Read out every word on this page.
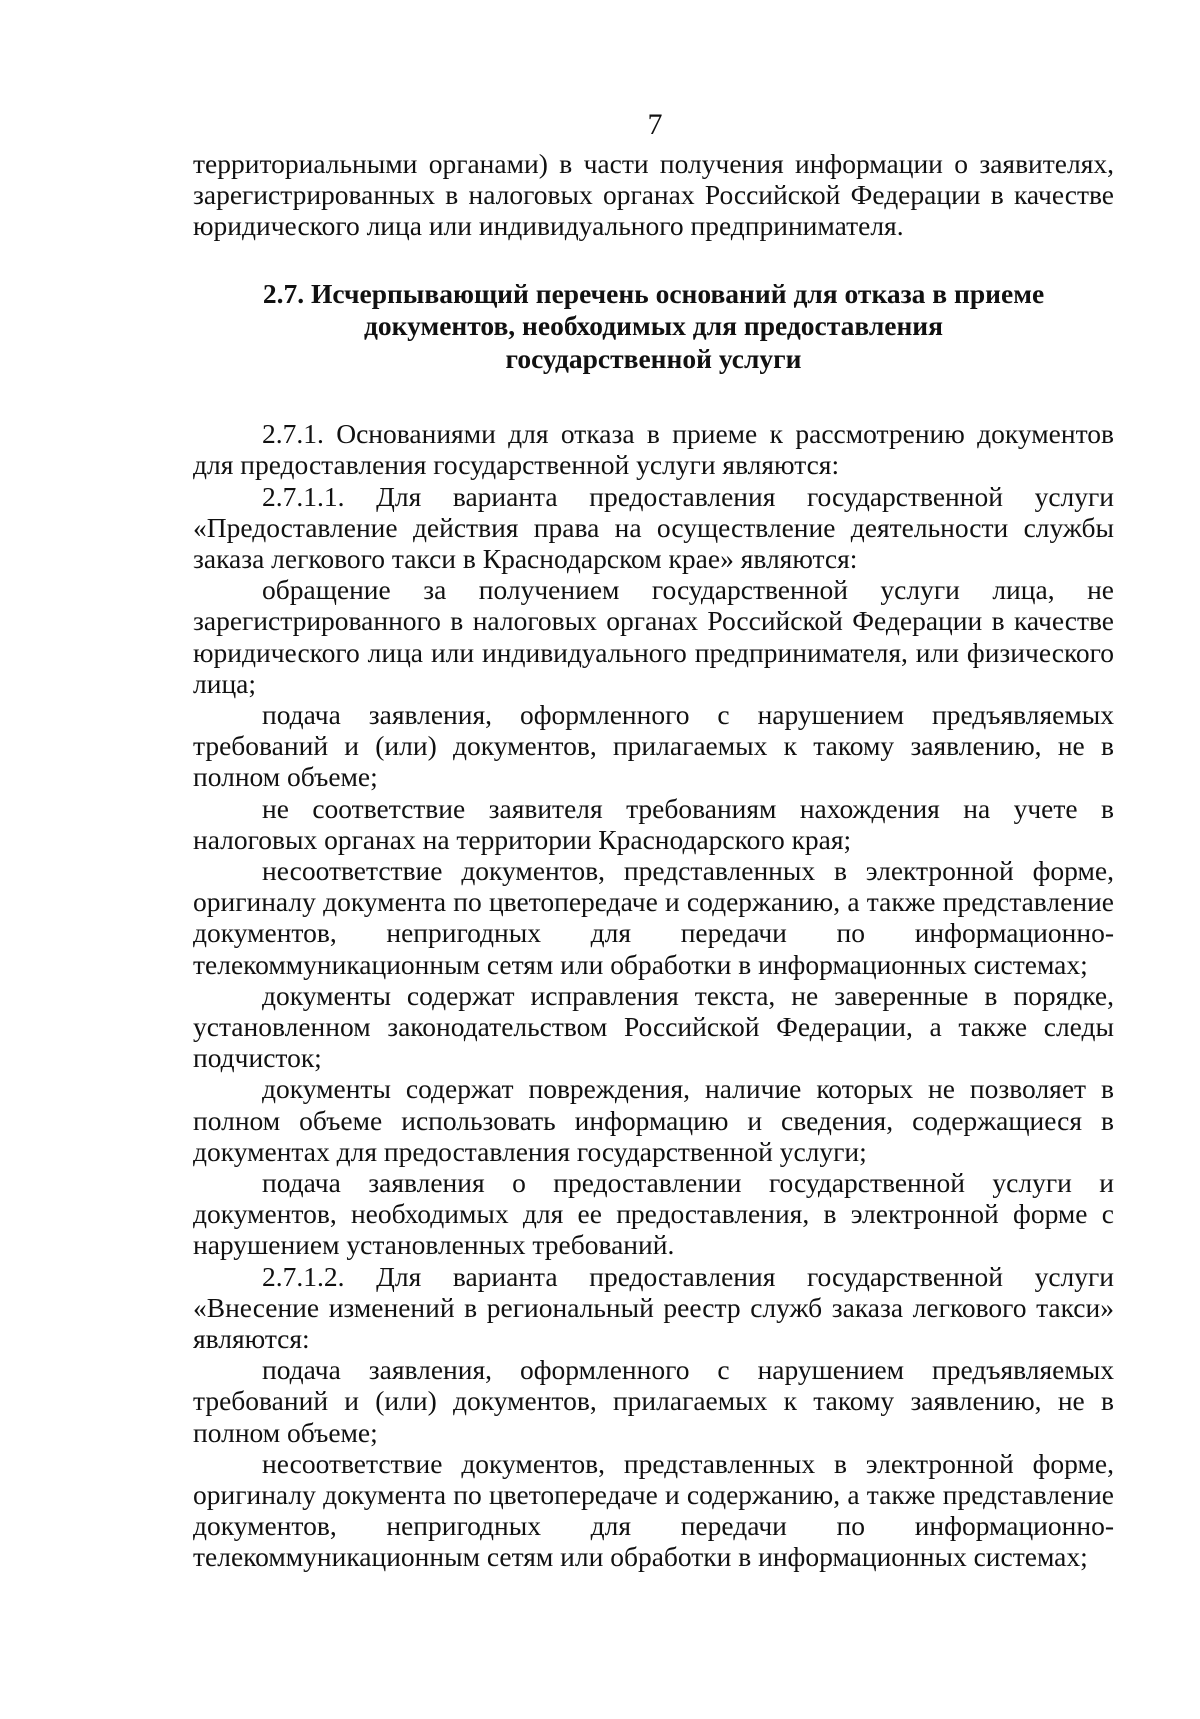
7

территориальными органами) в части получения информации о заявителях, зарегистрированных в налоговых органах Российской Федерации в качестве юридического лица или индивидуального предпринимателя.

2.7. Исчерпывающий перечень оснований для отказа в приеме
документов, необходимых для предоставления
государственной услуги

2.7.1. Основаниями для отказа в приеме к рассмотрению документов для предоставления государственной услуги являются:

2.7.1.1. Для варианта предоставления государственной услуги «Предоставление действия права на осуществление деятельности службы заказа легкового такси в Краснодарском крае» являются:

обращение за получением государственной услуги лица, не зарегистрированного в налоговых органах Российской Федерации в качестве юридического лица или индивидуального предпринимателя, или физического лица;

подача заявления, оформленного с нарушением предъявляемых требований и (или) документов, прилагаемых к такому заявлению, не в полном объеме;

не соответствие заявителя требованиям нахождения на учете в налоговых органах на территории Краснодарского края;

несоответствие документов, представленных в электронной форме, оригиналу документа по цветопередаче и содержанию, а также представление документов, непригодных для передачи по информационно-телекоммуникационным сетям или обработки в информационных системах;

документы содержат исправления текста, не заверенные в порядке, установленном законодательством Российской Федерации, а также следы подчисток;

документы содержат повреждения, наличие которых не позволяет в полном объеме использовать информацию и сведения, содержащиеся в документах для предоставления государственной услуги;

подача заявления о предоставлении государственной услуги и документов, необходимых для ее предоставления, в электронной форме с нарушением установленных требований.

2.7.1.2. Для варианта предоставления государственной услуги «Внесение изменений в региональный реестр служб заказа легкового такси» являются:

подача заявления, оформленного с нарушением предъявляемых требований и (или) документов, прилагаемых к такому заявлению, не в полном объеме;

несоответствие документов, представленных в электронной форме, оригиналу документа по цветопередаче и содержанию, а также представление документов, непригодных для передачи по информационно-телекоммуникационным сетям или обработки в информационных системах;
